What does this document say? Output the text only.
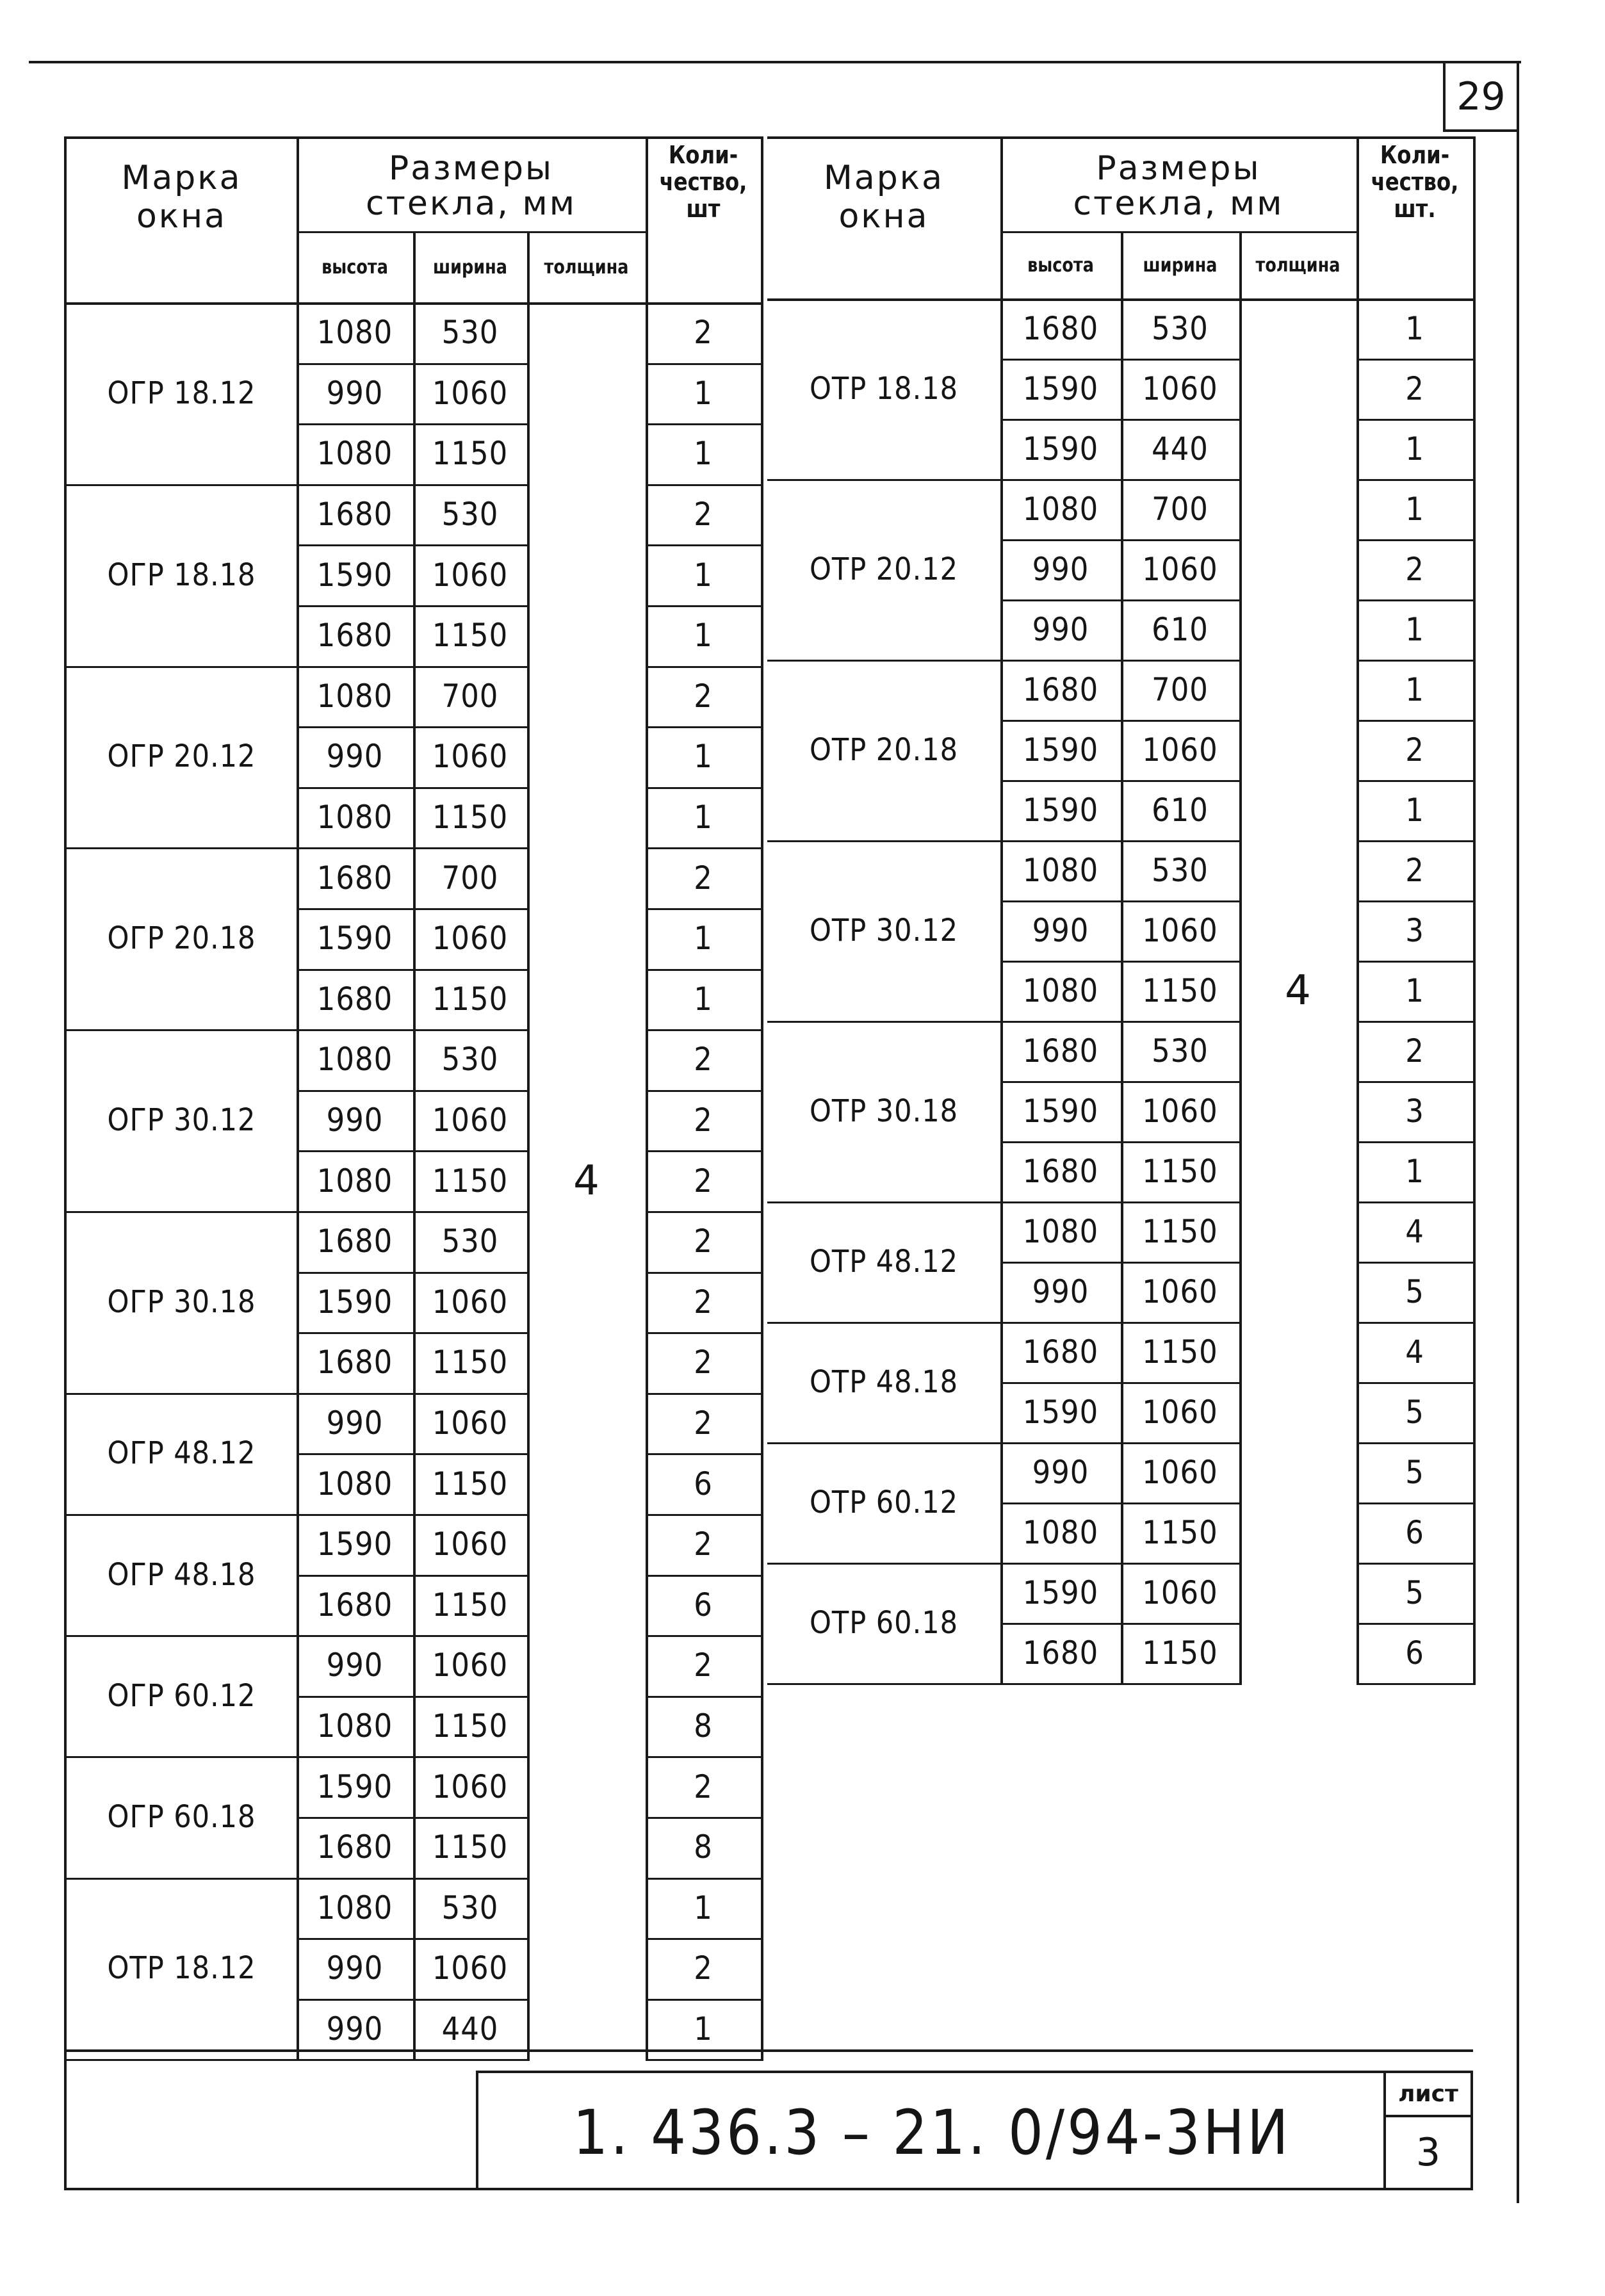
29
Марка
окна
Размеры
стекла, мм
высота	ширина	толщина
Коли-
чество,
шт
ОГР 18.12
1080	530	2
990	1060	1
1080	1150	1
ОГР 18.18
1680	530	2
1590	1060	1
1680	1150	1
ОГР 20.12
1080	700	2
990	1060	1
1080	1150	1
ОГР 20.18
1680	700	2
1590	1060	1
1680	1150	1
ОГР 30.12
1080	530	2
990	1060	2
1080	1150	2
ОГР 30.18
1680	530	2
1590	1060	2
1680	1150	2
ОГР 48.12
990	1060	2
1080	1150	6
ОГР 48.18
1590	1060	2
1680	1150	6
ОГР 60.12
990	1060	2
1080	1150	8
ОГР 60.18
1590	1060	2
1680	1150	8
ОТР 18.12
1080	530	1
990	1060	2
990	440	1
4
Марка
окна
Размеры
стекла, мм
высота	ширина	толщина
Коли-
чество,
шт.
ОТР 18.18
1680	530	1
1590	1060	2
1590	440	1
ОТР 20.12
1080	700	1
990	1060	2
990	610	1
ОТР 20.18
1680	700	1
1590	1060	2
1590	610	1
ОТР 30.12
1080	530	2
990	1060	3
1080	1150	1
ОТР 30.18
1680	530	2
1590	1060	3
1680	1150	1
ОТР 48.12
1080	1150	4
990	1060	5
ОТР 48.18
1680	1150	4
1590	1060	5
ОТР 60.12
990	1060	5
1080	1150	6
ОТР 60.18
1590	1060	5
1680	1150	6
4
1. 436.3 – 21. 0/94-3НИ
лист
3
